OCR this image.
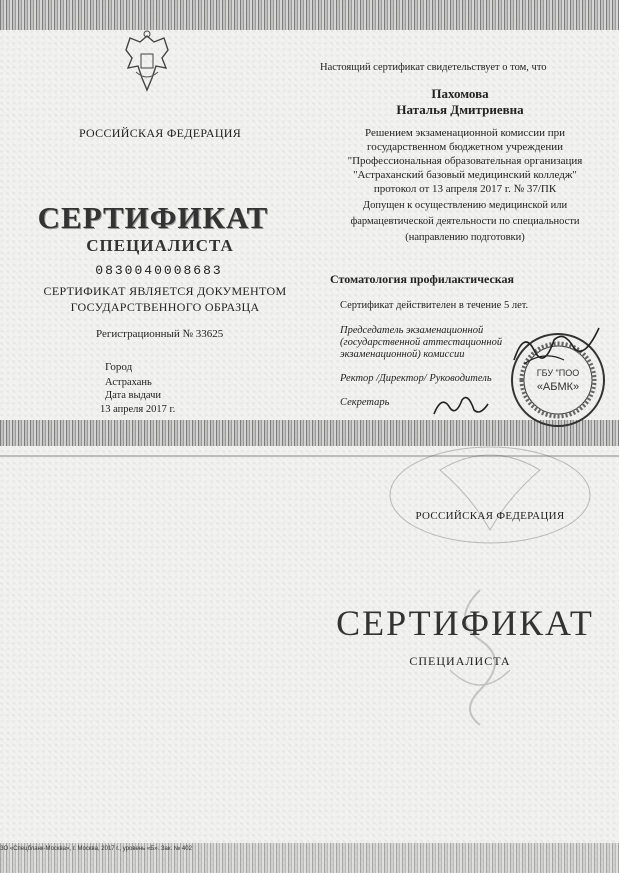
РОССИЙСКАЯ ФЕДЕРАЦИЯ
СЕРТИФИКАТ
СПЕЦИАЛИСТА
0830040008683
СЕРТИФИКАТ ЯВЛЯЕТСЯ ДОКУМЕНТОМ
ГОСУДАРСТВЕННОГО ОБРАЗЦА
Регистрационный № 33625
Город
Астрахань
Дата выдачи
13 апреля 2017 г.
Настоящий сертификат свидетельствует о том, что
Пахомова
Наталья Дмитриевна
Решением экзаменационной комиссии при
государственном бюджетном учреждении
"Профессиональная образовательная организация
"Астраханский базовый медицинский колледж"
протокол от 13 апреля 2017 г. № 37/ПК
Допущен к осуществлению медицинской или
фармацевтической деятельности по специальности
(направлению подготовки)
Стоматология профилактическая
Сертификат действителен в течение 5 лет.
Председатель экзаменационной
(государственной аттестационной
экзаменационной) комиссии
Ректор /Директор/ Руководитель
Секретарь
ГБУ "ПОО
«АБМК»
РОССИЙСКАЯ ФЕДЕРАЦИЯ
СЕРТИФИКАТ
СПЕЦИАЛИСТА
ЗО «Спецбланк-Москва», г. Москва, 2017 г., уровень «Б». Зак. № 402
